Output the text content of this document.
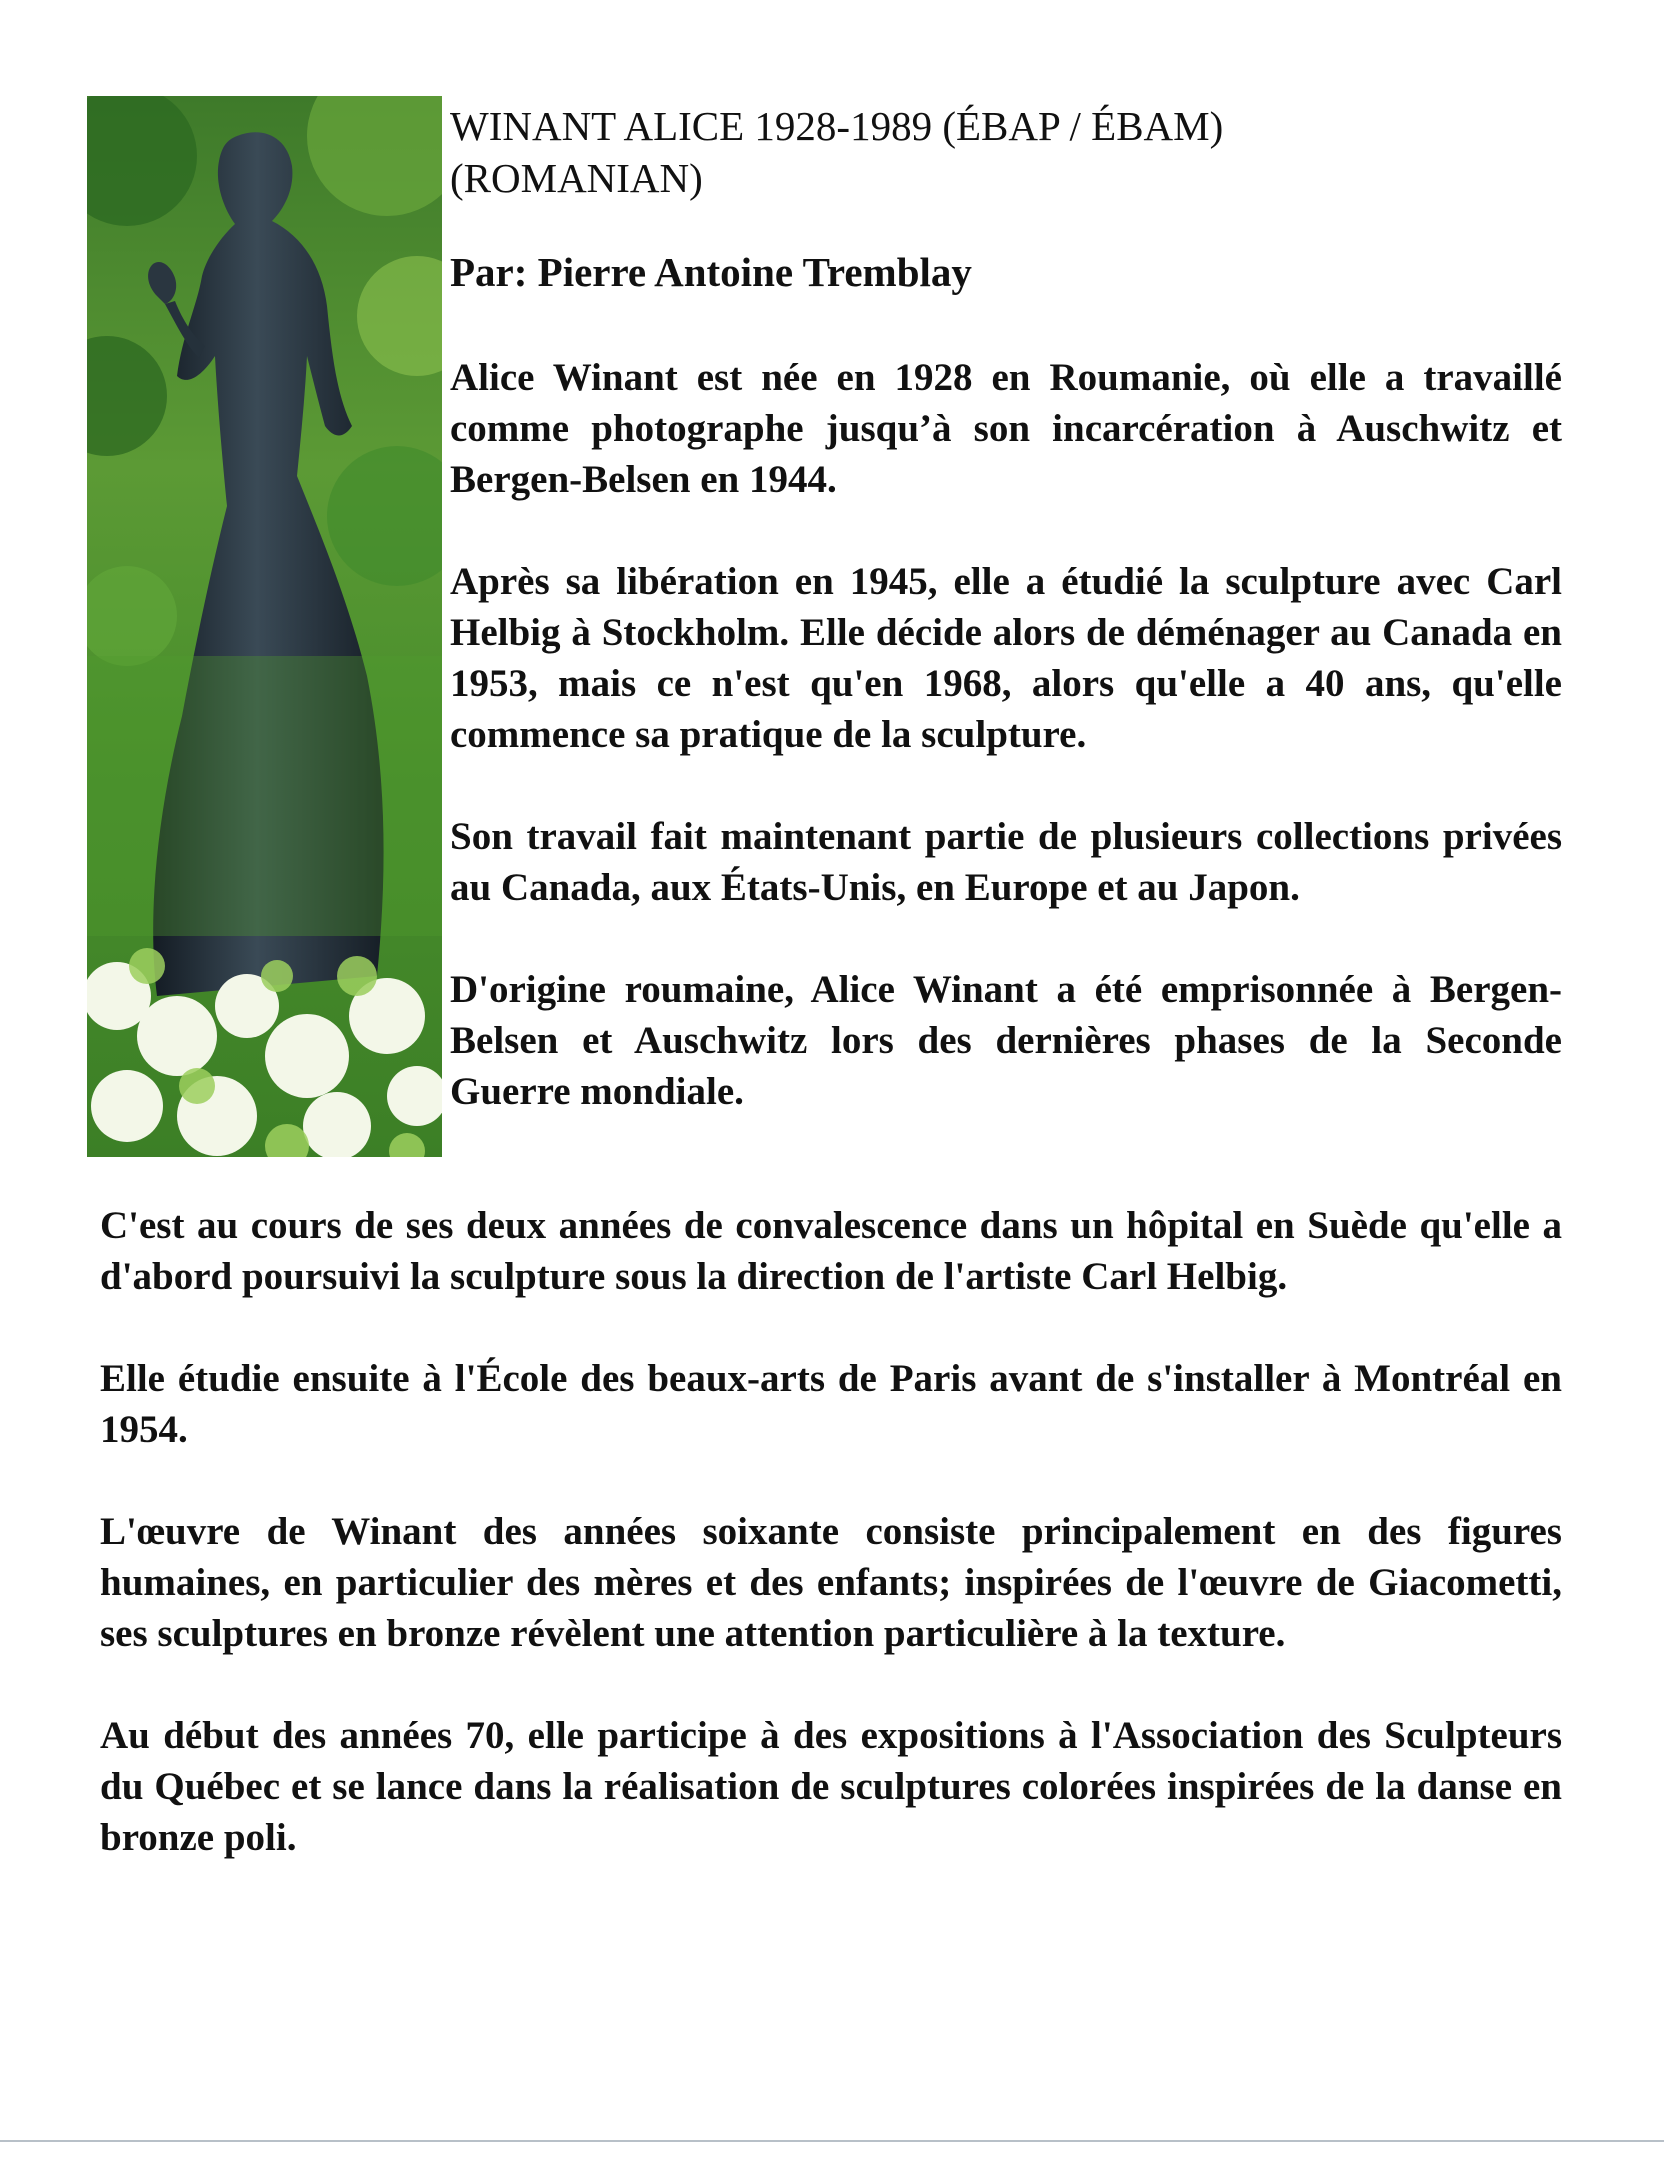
WINANT ALICE 1928-1989 (ÉBAP / ÉBAM)
(ROMANIAN)

Par: Pierre Antoine Tremblay

Alice Winant est née en 1928 en Roumanie, où elle a travaillé comme photographe jusqu’à son incarcération à Auschwitz et Bergen-Belsen en 1944.

Après sa libération en 1945, elle a étudié la sculpture avec Carl Helbig à Stockholm. Elle décide alors de déménager au Canada en 1953, mais ce n'est qu'en 1968, alors qu'elle a 40 ans, qu'elle commence sa pratique de la sculpture.

Son travail fait maintenant partie de plusieurs collections privées au Canada, aux États-Unis, en Europe et au Japon.

D'origine roumaine, Alice Winant a été emprisonnée à Bergen-Belsen et Auschwitz lors des dernières phases de la Seconde Guerre mondiale.

C'est au cours de ses deux années de convalescence dans un hôpital en Suède qu'elle a d'abord poursuivi la sculpture sous la direction de l'artiste Carl Helbig.

Elle étudie ensuite à l'École des beaux-arts de Paris avant de s'installer à Montréal en 1954.

L'œuvre de Winant des années soixante consiste principalement en des figures humaines, en particulier des mères et des enfants; inspirées de l'œuvre de Giacometti, ses sculptures en bronze révèlent une attention particulière à la texture.

Au début des années 70, elle participe à des expositions à l'Association des Sculpteurs du Québec et se lance dans la réalisation de sculptures colorées inspirées de la danse en bronze poli.
